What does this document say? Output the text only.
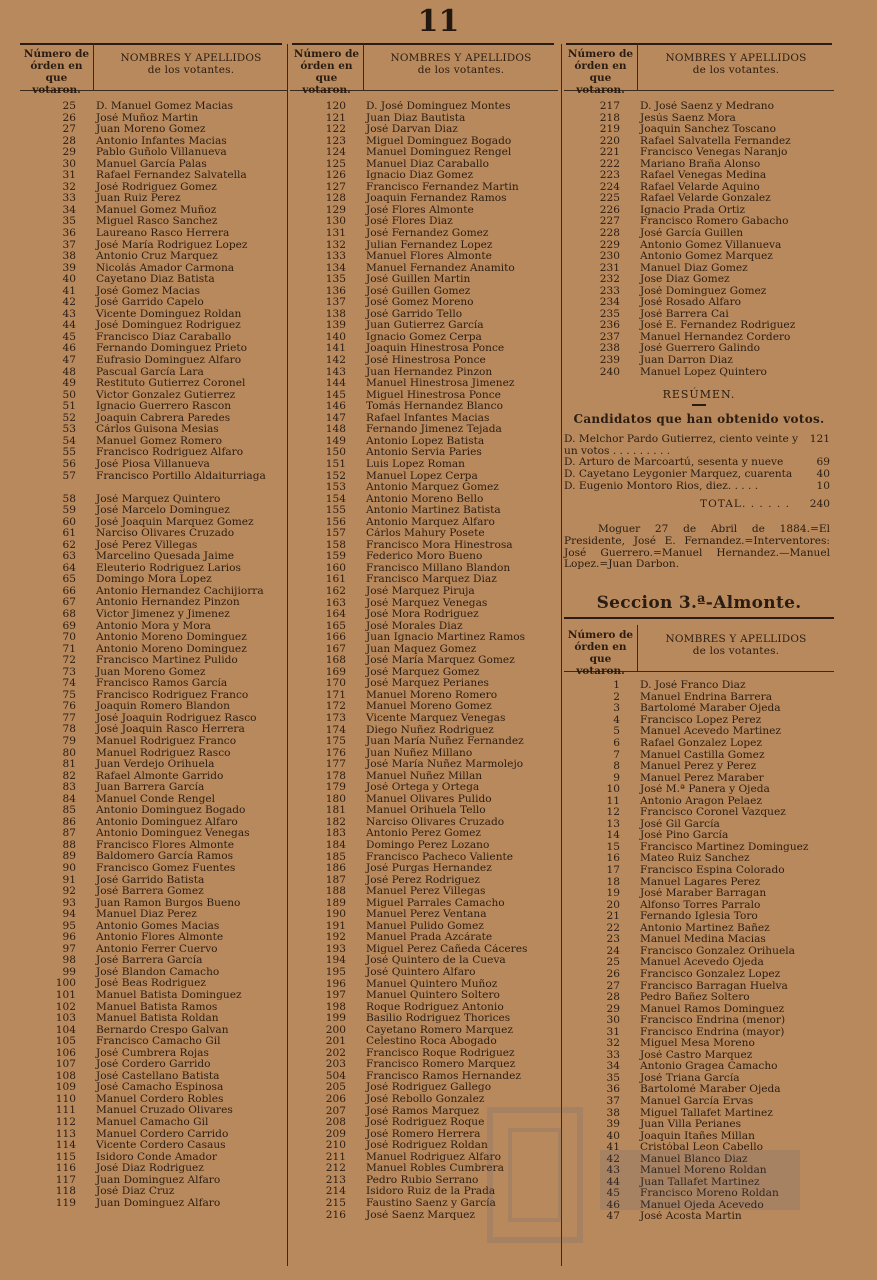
11
Número de órden en que votaron.
NOMBRES Y APELLIDOS
de los votantes.
25	D. Manuel Gomez Macias
26	José Muñoz Martin
27	Juan Moreno Gomez
28	Antonio Infantes Macias
29	Pablo Guñolo Villanueva
30	Manuel García Palas
31	Rafael Fernandez Salvatella
32	José Rodriguez Gomez
33	Juan Ruiz Perez
34	Manuel Gomez Muñoz
35	Miguel Rasco Sanchez
36	Laureano Rasco Herrera
37	José María Rodriguez Lopez
38	Antonio Cruz Marquez
39	Nicolás Amador Carmona
40	Cayetano Diaz Batista
41	José Gomez Macias
42	José Garrido Capelo
43	Vicente Dominguez Roldan
44	José Dominguez Rodriguez
45	Francisco Diaz Caraballo
46	Fernando Dominguez Prieto
47	Eufrasio Dominguez Alfaro
48	Pascual García Lara
49	Restituto Gutierrez Coronel
50	Victor Gonzalez Gutierrez
51	Ignacio Guerrero Rascon
52	Joaquin Cabrera Paredes
53	Cárlos Guisona Mesias
54	Manuel Gomez Romero
55	Francisco Rodriguez Alfaro
56	José Piosa Villanueva
57	Francisco Portillo Aldaiturriaga
58	José Marquez Quintero
59	José Marcelo Dominguez
60	José Joaquin Marquez Gomez
61	Narciso Olivares Cruzado
62	José Perez Villegas
63	Marcelino Quesada Jaime
64	Eleuterio Rodriguez Larios
65	Domingo Mora Lopez
66	Antonio Hernandez Cachijiorra
67	Antonio Hernandez Pinzon
68	Victor Jimenez y Jimenez
69	Antonio Mora y Mora
70	Antonio Moreno Dominguez
71	Antonio Moreno Dominguez
72	Francisco Martinez Pulido
73	Juan Moreno Gomez
74	Francisco Ramos García
75	Francisco Rodriguez Franco
76	Joaquin Romero Blandon
77	José Joaquin Rodriguez Rasco
78	José Joaquin Rasco Herrera
79	Manuel Rodriguez Franco
80	Manuel Rodriguez Rasco
81	Juan Verdejo Orihuela
82	Rafael Almonte Garrido
83	Juan Barrera García
84	Manuel Conde Rengel
85	Antonio Dominguez Bogado
86	Antonio Dominguez Alfaro
87	Antonio Dominguez Venegas
88	Francisco Flores Almonte
89	Baldomero García Ramos
90	Francisco Gomez Fuentes
91	José Garrido Batista
92	José Barrera Gomez
93	Juan Ramon Burgos Bueno
94	Manuel Diaz Perez
95	Antonio Gomes Macias
96	Antonio Flores Almonte
97	Antonio Ferrer Cuervo
98	José Barrera García
99	José Blandon Camacho
100	José Beas Rodriguez
101	Manuel Batista Dominguez
102	Manuel Batista Ramos
103	Manuel Batista Roldan
104	Bernardo Crespo Galvan
105	Francisco Camacho Gil
106	José Cumbrera Rojas
107	José Cordero Garrido
108	José Castellano Batista
109	José Camacho Espinosa
110	Manuel Cordero Robles
111	Manuel Cruzado Olivares
112	Manuel Camacho Gil
113	Manuel Cordero Carrido
114	Vicente Cordero Casaus
115	Isidoro Conde Amador
116	José Diaz Rodriguez
117	Juan Dominguez Alfaro
118	José Diaz Cruz
119	Juan Dominguez Alfaro
Número de órden en que votaron.
NOMBRES Y APELLIDOS
de los votantes.
120	D. José Dominguez Montes
121	Juan Diaz Bautista
122	José Darvan Diaz
123	Miguel Dominguez Bogado
124	Manuel Dominguez Rengel
125	Manuel Diaz Caraballo
126	Ignacio Diaz Gomez
127	Francisco Fernandez Martin
128	Joaquin Fernandez Ramos
129	José Flores Almonte
130	José Flores Diaz
131	José Fernandez Gomez
132	Julian Fernandez Lopez
133	Manuel Flores Almonte
134	Manuel Fernandez Anamito
135	José Guillen Martin
136	José Guillen Gomez
137	José Gomez Moreno
138	José Garrido Tello
139	Juan Gutierrez García
140	Ignacio Gomez Cerpa
141	Joaquin Hinestrosa Ponce
142	José Hinestrosa Ponce
143	Juan Hernandez Pinzon
144	Manuel Hinestrosa Jimenez
145	Miguel Hinestrosa Ponce
146	Tomás Hernandez Blanco
147	Rafael Infantes Macias
148	Fernando Jimenez Tejada
149	Antonio Lopez Batista
150	Antonio Servia Paries
151	Luis Lopez Roman
152	Manuel Lopez Cerpa
153	Antonio Marquez Gomez
154	Antonio Moreno Bello
155	Antonio Martinez Batista
156	Antonio Marquez Alfaro
157	Cárlos Mahury Posete
158	Francisco Mora Hinestrosa
159	Federico Moro Bueno
160	Francisco Millano Blandon
161	Francisco Marquez Diaz
162	José Marquez Piruja
163	José Marquez Venegas
164	José Mora Rodriguez
165	José Morales Diaz
166	Juan Ignacio Martinez Ramos
167	Juan Maquez Gomez
168	José María Marquez Gomez
169	José Marquez Gomez
170	José Marquez Perianes
171	Manuel Moreno Romero
172	Manuel Moreno Gomez
173	Vicente Marquez Venegas
174	Diego Nuñez Rodriguez
175	Juan María Nuñez Fernandez
176	Juan Nuñez Millano
177	José María Nuñez Marmolejo
178	Manuel Nuñez Millan
179	José Ortega y Ortega
180	Manuel Olivares Pulido
181	Manuel Orihuela Tello
182	Narciso Olivares Cruzado
183	Antonio Perez Gomez
184	Domingo Perez Lozano
185	Francisco Pacheco Valiente
186	José Purgas Hernandez
187	José Perez Rodriguez
188	Manuel Perez Villegas
189	Miguel Parrales Camacho
190	Manuel Perez Ventana
191	Manuel Pulido Gomez
192	Manuel Prada Azcárate
193	Miguel Perez Cañeda Cáceres
194	José Quintero de la Cueva
195	José Quintero Alfaro
196	Manuel Quintero Muñoz
197	Manuel Quintero Soltero
198	Roque Rodriguez Antonio
199	Basilio Rodriguez Thorices
200	Cayetano Romero Marquez
201	Celestino Roca Abogado
202	Francisco Roque Rodriguez
203	Francisco Romero Marquez
504	Francisco Ramos Hernandez
205	José Rodriguez Gallego
206	José Rebollo Gonzalez
207	José Ramos Marquez
208	José Rodriguez Roque
209	José Romero Herrera
210	José Rodriguez Roldan
211	Manuel Rodriguez Alfaro
212	Manuel Robles Cumbrera
213	Pedro Rubio Serrano
214	Isidoro Ruiz de la Prada
215	Faustino Saenz y García
216	José Saenz Marquez
Número de órden en que votaron.
NOMBRES Y APELLIDOS
de los votantes.
217	D. José Saenz y Medrano
218	Jesús Saenz Mora
219	Joaquin Sanchez Toscano
220	Rafael Salvatella Fernandez
221	Francisco Venegas Naranjo
222	Mariano Braña Alonso
223	Rafael Venegas Medina
224	Rafael Velarde Aquino
225	Rafael Velarde Gonzalez
226	Ignacio Prada Ortiz
227	Francisco Romero Gabacho
228	José García Guillen
229	Antonio Gomez Villanueva
230	Antonio Gomez Marquez
231	Manuel Diaz Gomez
232	Jose Diaz Gomez
233	José Dominguez Gomez
234	José Rosado Alfaro
235	José Barrera Cai
236	José E. Fernandez Rodriguez
237	Manuel Hernandez Cordero
238	José Guerrero Galindo
239	Juan Darron Diaz
240	Manuel Lopez Quintero
RESÚMEN.
Candidatos que han obtenido votos.
D. Melchor Pardo Gutierrez, ciento veinte y un votos . . . . . . . . .
121
D. Arturo de Marcoartú, sesenta y nueve	69
D. Cayetano Leygonier Marquez, cuarenta	40
D. Eugenio Montoro Rios, diez. . . . .	10
TOTAL. . . . . .	240
Moguer 27 de Abril de 1884.=El Presidente, José E. Fernandez.=Interventores: José Guerrero.=Manuel Hernandez.—Manuel Lopez.=Juan Darbon.
Seccion 3.ª-Almonte.
Número de órden en que votaron.
NOMBRES Y APELLIDOS
de los votantes.
1	D. José Franco Diaz
2	Manuel Endrina Barrera
3	Bartolomé Maraber Ojeda
4	Francisco Lopez Perez
5	Manuel Acevedo Martinez
6	Rafael Gonzalez Lopez
7	Manuel Castilla Gomez
8	Manuel Perez y Perez
9	Manuel Perez Maraber
10	José M.ª Panera y Ojeda
11	Antonio Aragon Pelaez
12	Francisco Coronel Vazquez
13	José Gil García
14	José Pino García
15	Francisco Martinez Dominguez
16	Mateo Ruiz Sanchez
17	Francisco Espina Colorado
18	Manuel Lagares Perez
19	José Maraber Barragan
20	Alfonso Torres Parralo
21	Fernando Iglesia Toro
22	Antonio Martinez Bañez
23	Manuel Medina Macias
24	Francisco Gonzalez Orihuela
25	Manuel Acevedo Ojeda
26	Francisco Gonzalez Lopez
27	Francisco Barragan Huelva
28	Pedro Bañez Soltero
29	Manuel Ramos Dominguez
30	Francisco Endrina (menor)
31	Francisco Endrina (mayor)
32	Miguel Mesa Moreno
33	José Castro Marquez
34	Antonio Gragea Camacho
35	José Triana García
36	Bartolomé Maraber Ojeda
37	Manuel García Ervas
38	Miguel Tallafet Martinez
39	Juan Villa Perianes
40	Joaquin Itañes Millan
41	Cristóbal Leon Cabello
42	Manuel Blanco Diaz
43	Manuel Moreno Roldan
44	Juan Tallafet Martinez
45	Francisco Moreno Roldan
46	Manuel Ojeda Acevedo
47	José Acosta Martin
